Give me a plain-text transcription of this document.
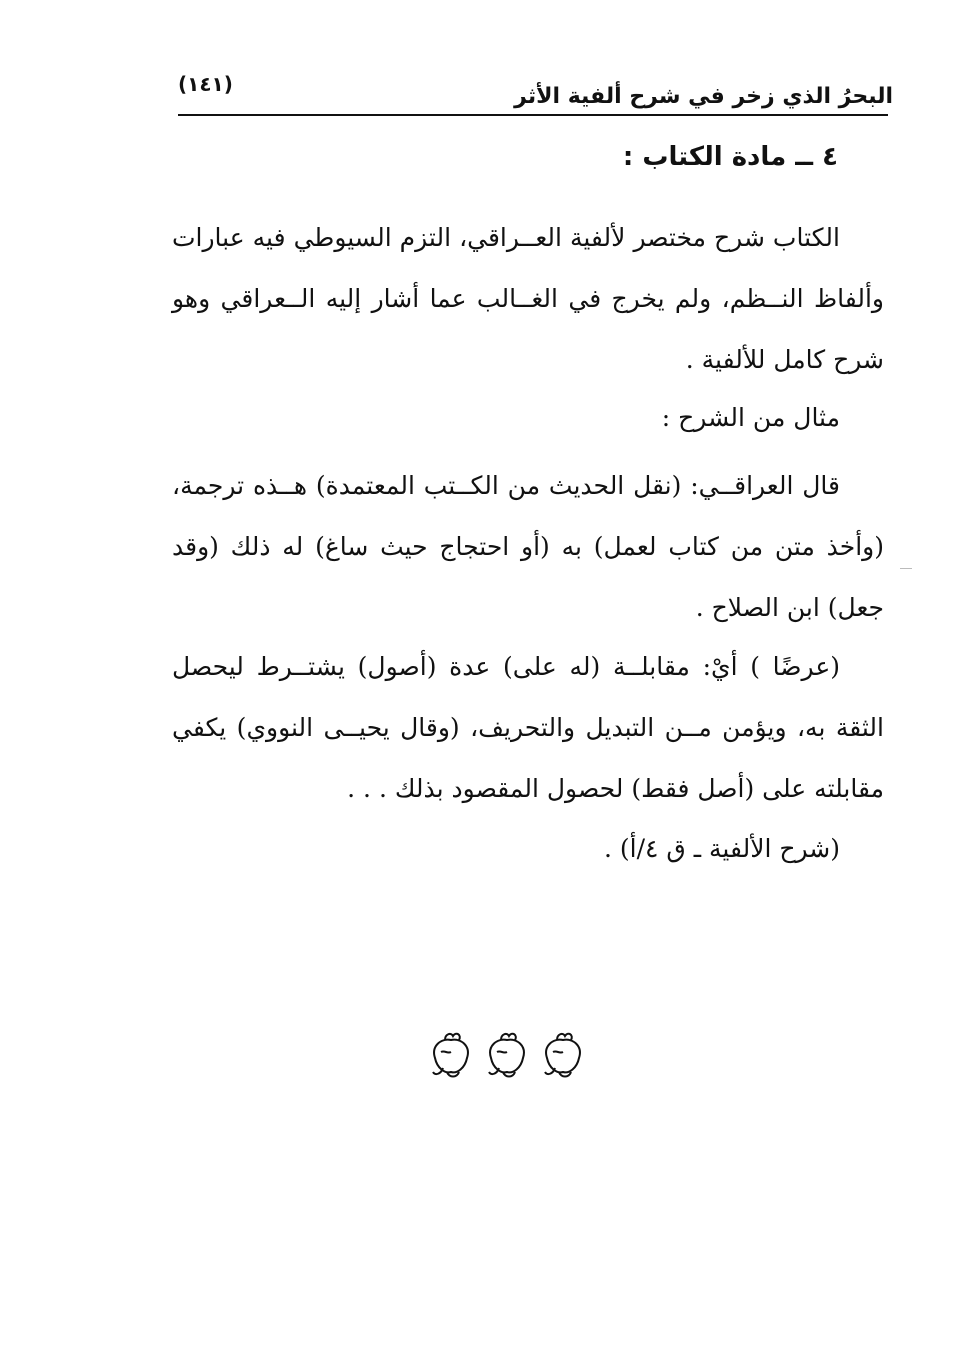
(١٤١)	البحرُ الذي زخر في شرح ألفية الأثر
٤ ــ مادة الكتاب :
الكتاب شرح مختصر لألفية العــراقي، التزم السيوطي فيه عبارات
وألفاظ النــظم، ولم يخرج في الغــالب عما أشار إليه الــعراقي وهو
شرح كامل للألفية .
مثال من الشرح :
قال العراقــي: (نقل الحديث من الكــتب المعتمدة) هــذه ترجمة،
(وأخذ متن من كتاب لعمل) به (أو احتجاج حيث ساغ) له ذلك (وقد
جعل) ابن الصلاح .
(عرضًا ) أيْ: مقابلــة (له على) عدة (أصول) يشتــرط ليحصل
الثقة به، ويؤمن مــن التبديل والتحريف، (وقال يحيــى النووي) يكفي
مقابلته على (أصل فقط) لحصول المقصود بذلك . . .
(شرح الألفية ـ ق ٤/أ) .
